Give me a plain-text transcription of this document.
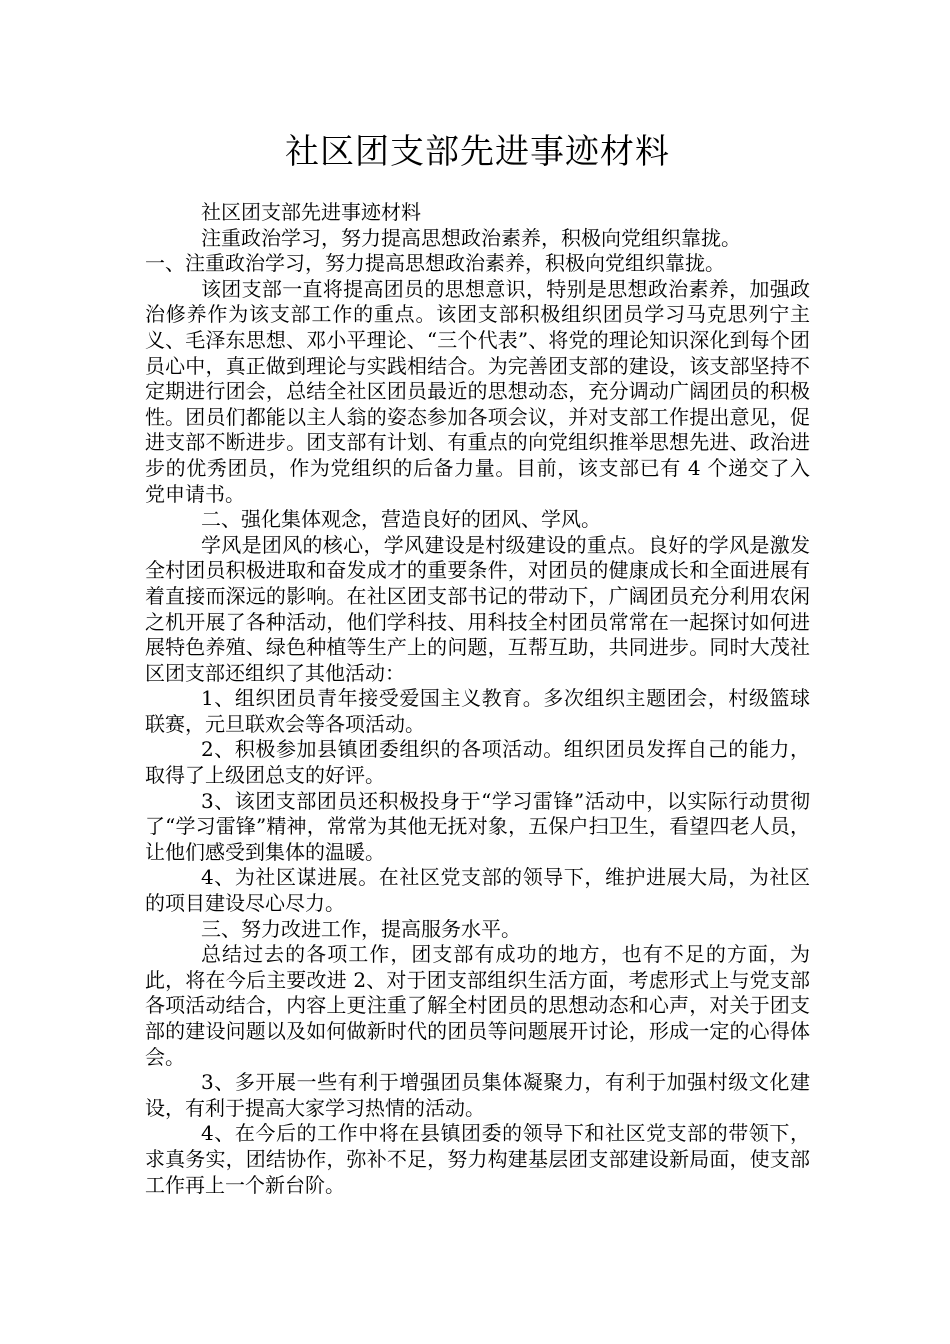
社区团支部先进事迹材料

社区团支部先进事迹材料

注重政治学习，努力提高思想政治素养，积极向党组织靠拢。

一、注重政治学习，努力提高思想政治素养，积极向党组织靠拢。

该团支部一直将提高团员的思想意识，特别是思想政治素养，加强政治修养作为该支部工作的重点。该团支部积极组织团员学习马克思列宁主义、毛泽东思想、邓小平理论、“三个代表”、将党的理论知识深化到每个团员心中，真正做到理论与实践相结合。为完善团支部的建设，该支部坚持不定期进行团会，总结全社区团员最近的思想动态，充分调动广阔团员的积极性。团员们都能以主人翁的姿态参加各项会议，并对支部工作提出意见，促进支部不断进步。团支部有计划、有重点的向党组织推举思想先进、政治进步的优秀团员，作为党组织的后备力量。目前，该支部已有 4 个递交了入党申请书。

二、强化集体观念，营造良好的团风、学风。

学风是团风的核心，学风建设是村级建设的重点。良好的学风是激发全村团员积极进取和奋发成才的重要条件，对团员的健康成长和全面进展有着直接而深远的影响。在社区团支部书记的带动下，广阔团员充分利用农闲之机开展了各种活动，他们学科技、用科技全村团员常常在一起探讨如何进展特色养殖、绿色种植等生产上的问题，互帮互助，共同进步。同时大茂社区团支部还组织了其他活动：

1、组织团员青年接受爱国主义教育。多次组织主题团会，村级篮球联赛，元旦联欢会等各项活动。

2、积极参加县镇团委组织的各项活动。组织团员发挥自己的能力，取得了上级团总支的好评。

3、该团支部团员还积极投身于“学习雷锋”活动中，以实际行动贯彻了“学习雷锋”精神，常常为其他无抚对象，五保户扫卫生，看望四老人员，让他们感受到集体的温暖。

4、为社区谋进展。在社区党支部的领导下，维护进展大局，为社区的项目建设尽心尽力。

三、努力改进工作，提高服务水平。

总结过去的各项工作，团支部有成功的地方，也有不足的方面，为此，将在今后主要改进 2、对于团支部组织生活方面，考虑形式上与党支部各项活动结合，内容上更注重了解全村团员的思想动态和心声，对关于团支部的建设问题以及如何做新时代的团员等问题展开讨论，形成一定的心得体会。

3、多开展一些有利于增强团员集体凝聚力，有利于加强村级文化建设，有利于提高大家学习热情的活动。

4、在今后的工作中将在县镇团委的领导下和社区党支部的带领下，求真务实，团结协作，弥补不足，努力构建基层团支部建设新局面，使支部工作再上一个新台阶。
